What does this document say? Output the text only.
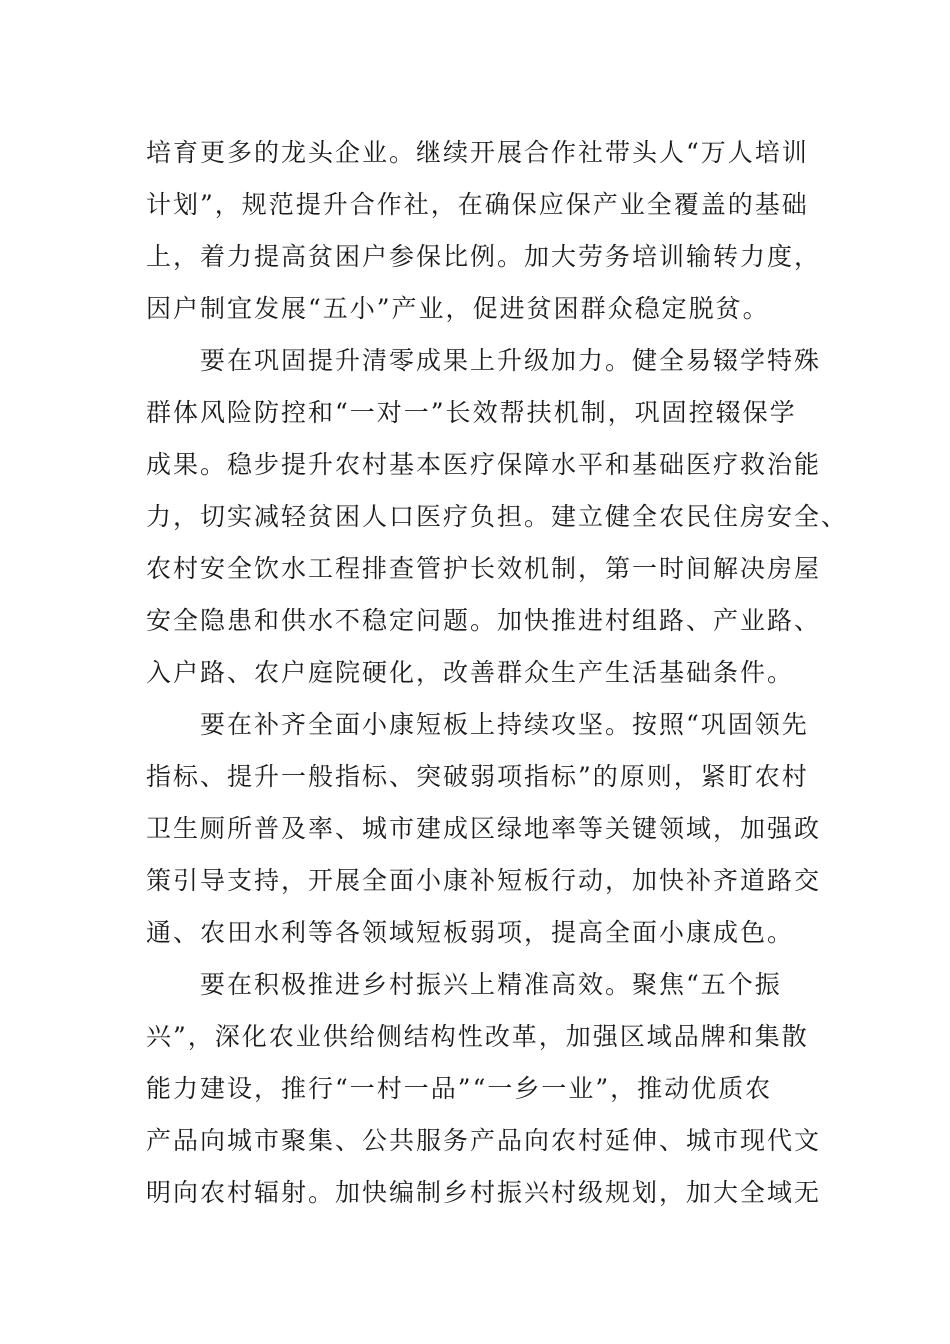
培育更多的龙头企业。继续开展合作社带头人“万人培训
计划”，规范提升合作社，在确保应保产业全覆盖的基础
上，着力提高贫困户参保比例。加大劳务培训输转力度，
因户制宜发展“五小”产业，促进贫困群众稳定脱贫。
要在巩固提升清零成果上升级加力。健全易辍学特殊
群体风险防控和“一对一”长效帮扶机制，巩固控辍保学
成果。稳步提升农村基本医疗保障水平和基础医疗救治能
力，切实减轻贫困人口医疗负担。建立健全农民住房安全、
农村安全饮水工程排查管护长效机制，第一时间解决房屋
安全隐患和供水不稳定问题。加快推进村组路、产业路、
入户路、农户庭院硬化，改善群众生产生活基础条件。
要在补齐全面小康短板上持续攻坚。按照“巩固领先
指标、提升一般指标、突破弱项指标”的原则，紧盯农村
卫生厕所普及率、城市建成区绿地率等关键领域，加强政
策引导支持，开展全面小康补短板行动，加快补齐道路交
通、农田水利等各领域短板弱项，提高全面小康成色。
要在积极推进乡村振兴上精准高效。聚焦“五个振
兴”，深化农业供给侧结构性改革，加强区域品牌和集散
能力建设，推行“一村一品”“一乡一业”，推动优质农
产品向城市聚集、公共服务产品向农村延伸、城市现代文
明向农村辐射。加快编制乡村振兴村级规划，加大全域无
